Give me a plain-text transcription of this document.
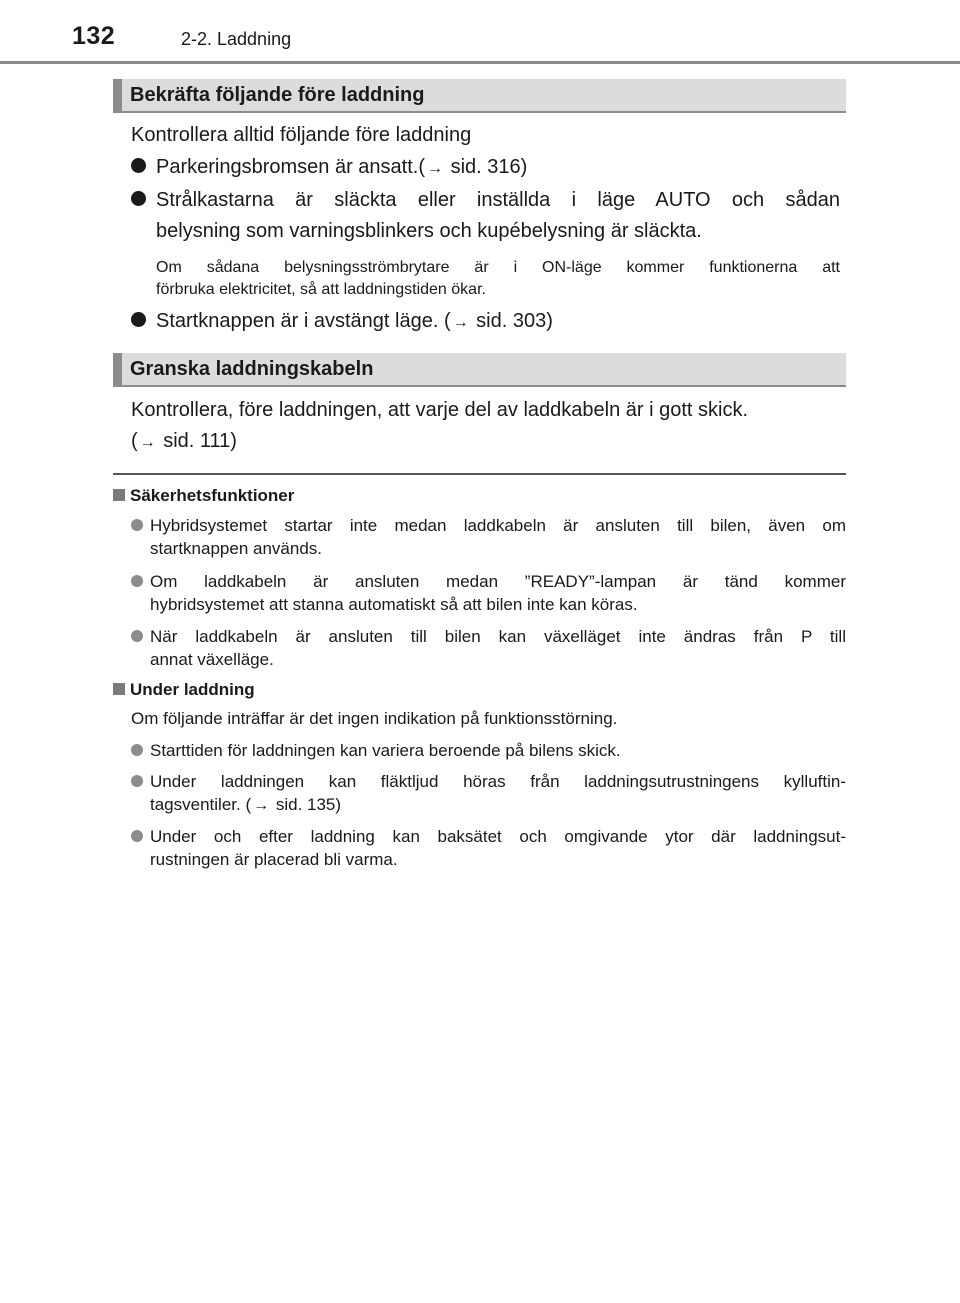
132	2-2. Laddning
Bekräfta följande före laddning
Kontrollera alltid följande före laddning
Parkeringsbromsen är ansatt.( → sid. 316)
Strålkastarna är släckta eller inställda i läge AUTO och sådan
belysning som varningsblinkers och kupébelysning är släckta.
Om sådana belysningsströmbrytare är i ON-läge kommer funktionerna att
förbruka elektricitet, så att laddningstiden ökar.
Startknappen är i avstängt läge. ( → sid. 303)
Granska laddningskabeln
Kontrollera, före laddningen, att varje del av laddkabeln är i gott skick.
( → sid. 111)
Säkerhetsfunktioner
Hybridsystemet startar inte medan laddkabeln är ansluten till bilen, även om
startknappen används.
Om laddkabeln är ansluten medan ”READY”-lampan är tänd kommer
hybridsystemet att stanna automatiskt så att bilen inte kan köras.
När laddkabeln är ansluten till bilen kan växelläget inte ändras från P till
annat växelläge.
Under laddning
Om följande inträffar är det ingen indikation på funktionsstörning.
Starttiden för laddningen kan variera beroende på bilens skick.
Under laddningen kan fläktljud höras från laddningsutrustningens kylluftin-
tagsventiler. ( → sid. 135)
Under och efter laddning kan baksätet och omgivande ytor där laddningsut-
rustningen är placerad bli varma.
